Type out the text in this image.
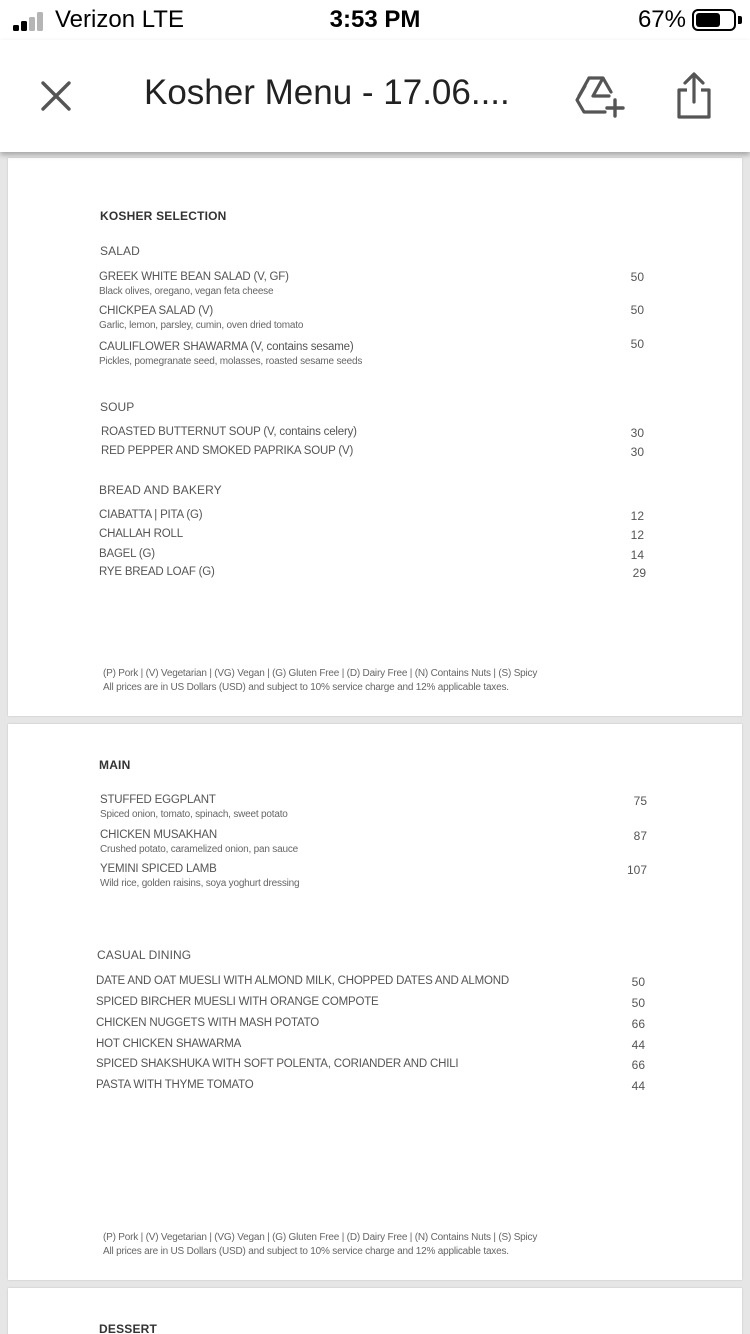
Verizon LTE	3:53 PM	67%
Kosher Menu - 17.06....
KOSHER SELECTION
SALAD
GREEK WHITE BEAN SALAD (V, GF)
Black olives, oregano, vegan feta cheese
50
CHICKPEA SALAD (V)
Garlic, lemon, parsley, cumin, oven dried tomato
50
CAULIFLOWER SHAWARMA (V, contains sesame)
Pickles, pomegranate seed, molasses, roasted sesame seeds
50
SOUP
ROASTED BUTTERNUT SOUP (V, contains celery)	30
RED PEPPER AND SMOKED PAPRIKA SOUP (V)	30
BREAD AND BAKERY
CIABATTA | PITA (G)	12
CHALLAH ROLL	12
BAGEL (G)	14
RYE BREAD LOAF (G)	29
(P) Pork | (V) Vegetarian | (VG) Vegan | (G) Gluten Free | (D) Dairy Free | (N) Contains Nuts | (S) Spicy
All prices are in US Dollars (USD) and subject to 10% service charge and 12% applicable taxes.
MAIN
STUFFED EGGPLANT
Spiced onion, tomato, spinach, sweet potato
75
CHICKEN MUSAKHAN
Crushed potato, caramelized onion, pan sauce
87
YEMINI SPICED LAMB
Wild rice, golden raisins, soya yoghurt dressing
107
CASUAL DINING
DATE AND OAT MUESLI WITH ALMOND MILK, CHOPPED DATES AND ALMOND	50
SPICED BIRCHER MUESLI WITH ORANGE COMPOTE	50
CHICKEN NUGGETS WITH MASH POTATO	66
HOT CHICKEN SHAWARMA	44
SPICED SHAKSHUKA WITH SOFT POLENTA, CORIANDER AND CHILI	66
PASTA WITH THYME TOMATO	44
(P) Pork | (V) Vegetarian | (VG) Vegan | (G) Gluten Free | (D) Dairy Free | (N) Contains Nuts | (S) Spicy
All prices are in US Dollars (USD) and subject to 10% service charge and 12% applicable taxes.
DESSERT
